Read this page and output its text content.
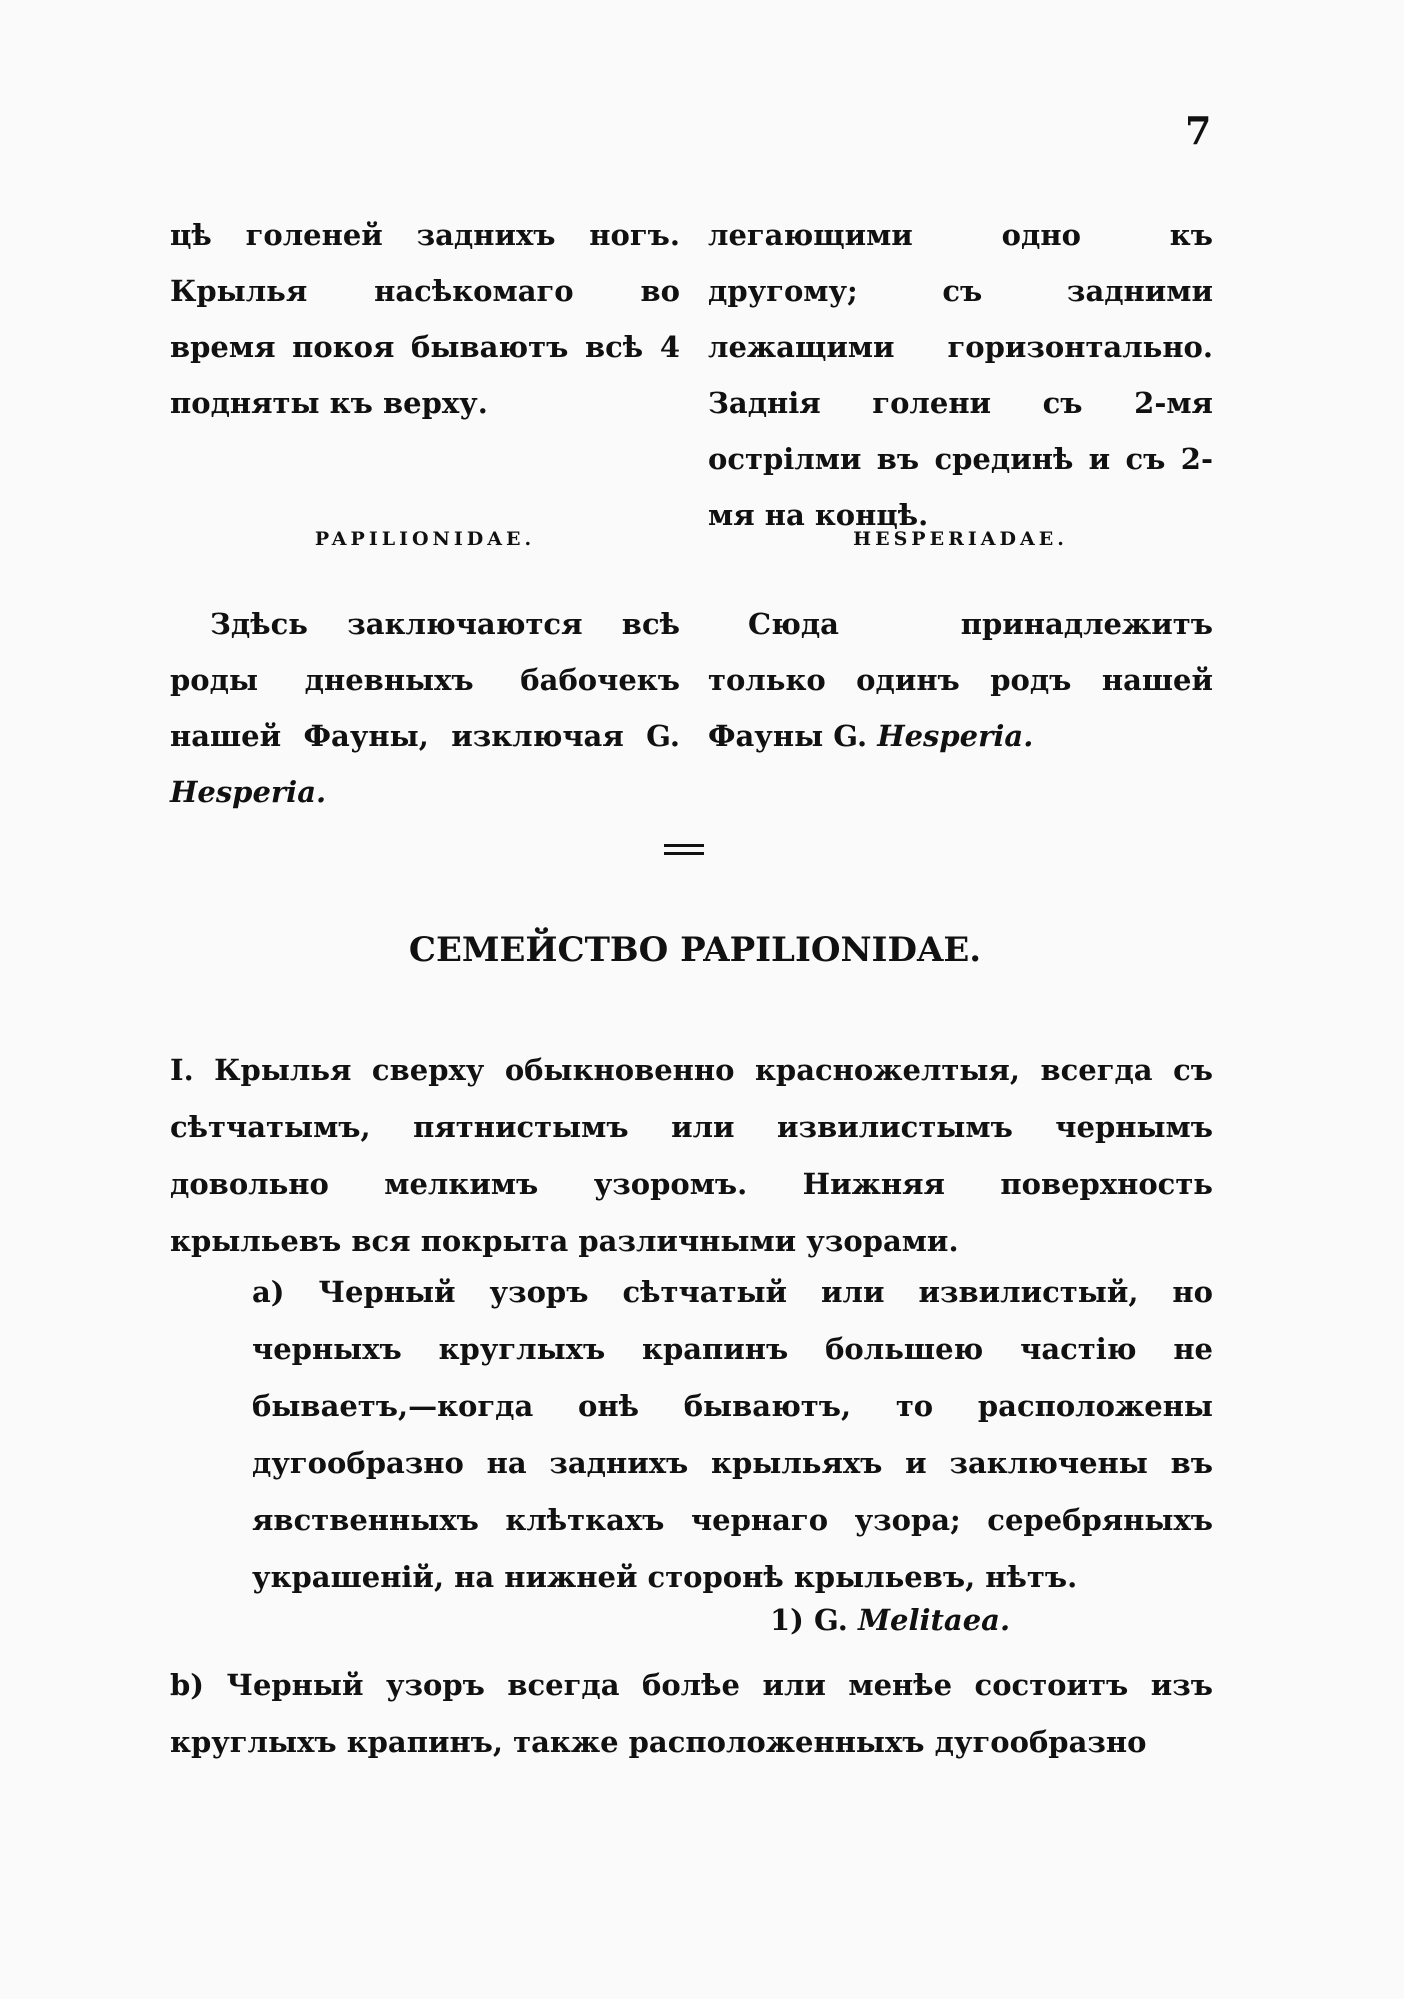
7

цѣ голеней заднихъ ногъ. Крылья насѣкомаго во время покоя бываютъ всѣ 4 подняты къ верху.

легающими одно къ другому; съ задними лежащими горизонтально. Заднія голени съ 2-мя острілми въ срединѣ и съ 2-мя на концѣ.

PAPILIONIDAE.	HESPERIADAE.

Здѣсь заключаются всѣ роды дневныхъ бабочекъ нашей Фауны, изключая G. Hesperia.

Сюда принадлежитъ только одинъ родъ нашей Фауны G. Hesperia.

СЕМЕЙСТВО PAPILIONIDAE.

I. Крылья сверху обыкновенно красножелтыя, всегда съ сѣтчатымъ, пятнистымъ или извилистымъ чернымъ довольно мелкимъ узоромъ. Нижняя поверхность крыльевъ вся покрыта различными узорами.

a) Черный узоръ сѣтчатый или извилистый, но черныхъ круглыхъ крапинъ большею частію не бываетъ,—когда онѣ бываютъ, то расположены дугообразно на заднихъ крыльяхъ и заключены въ явственныхъ клѣткахъ чернаго узора; серебряныхъ украшеній, на нижней сторонѣ крыльевъ, нѣтъ.

1) G. Melitaea.

b) Черный узоръ всегда болѣе или менѣе состоитъ изъ круглыхъ крапинъ, также расположенныхъ дугообразно
